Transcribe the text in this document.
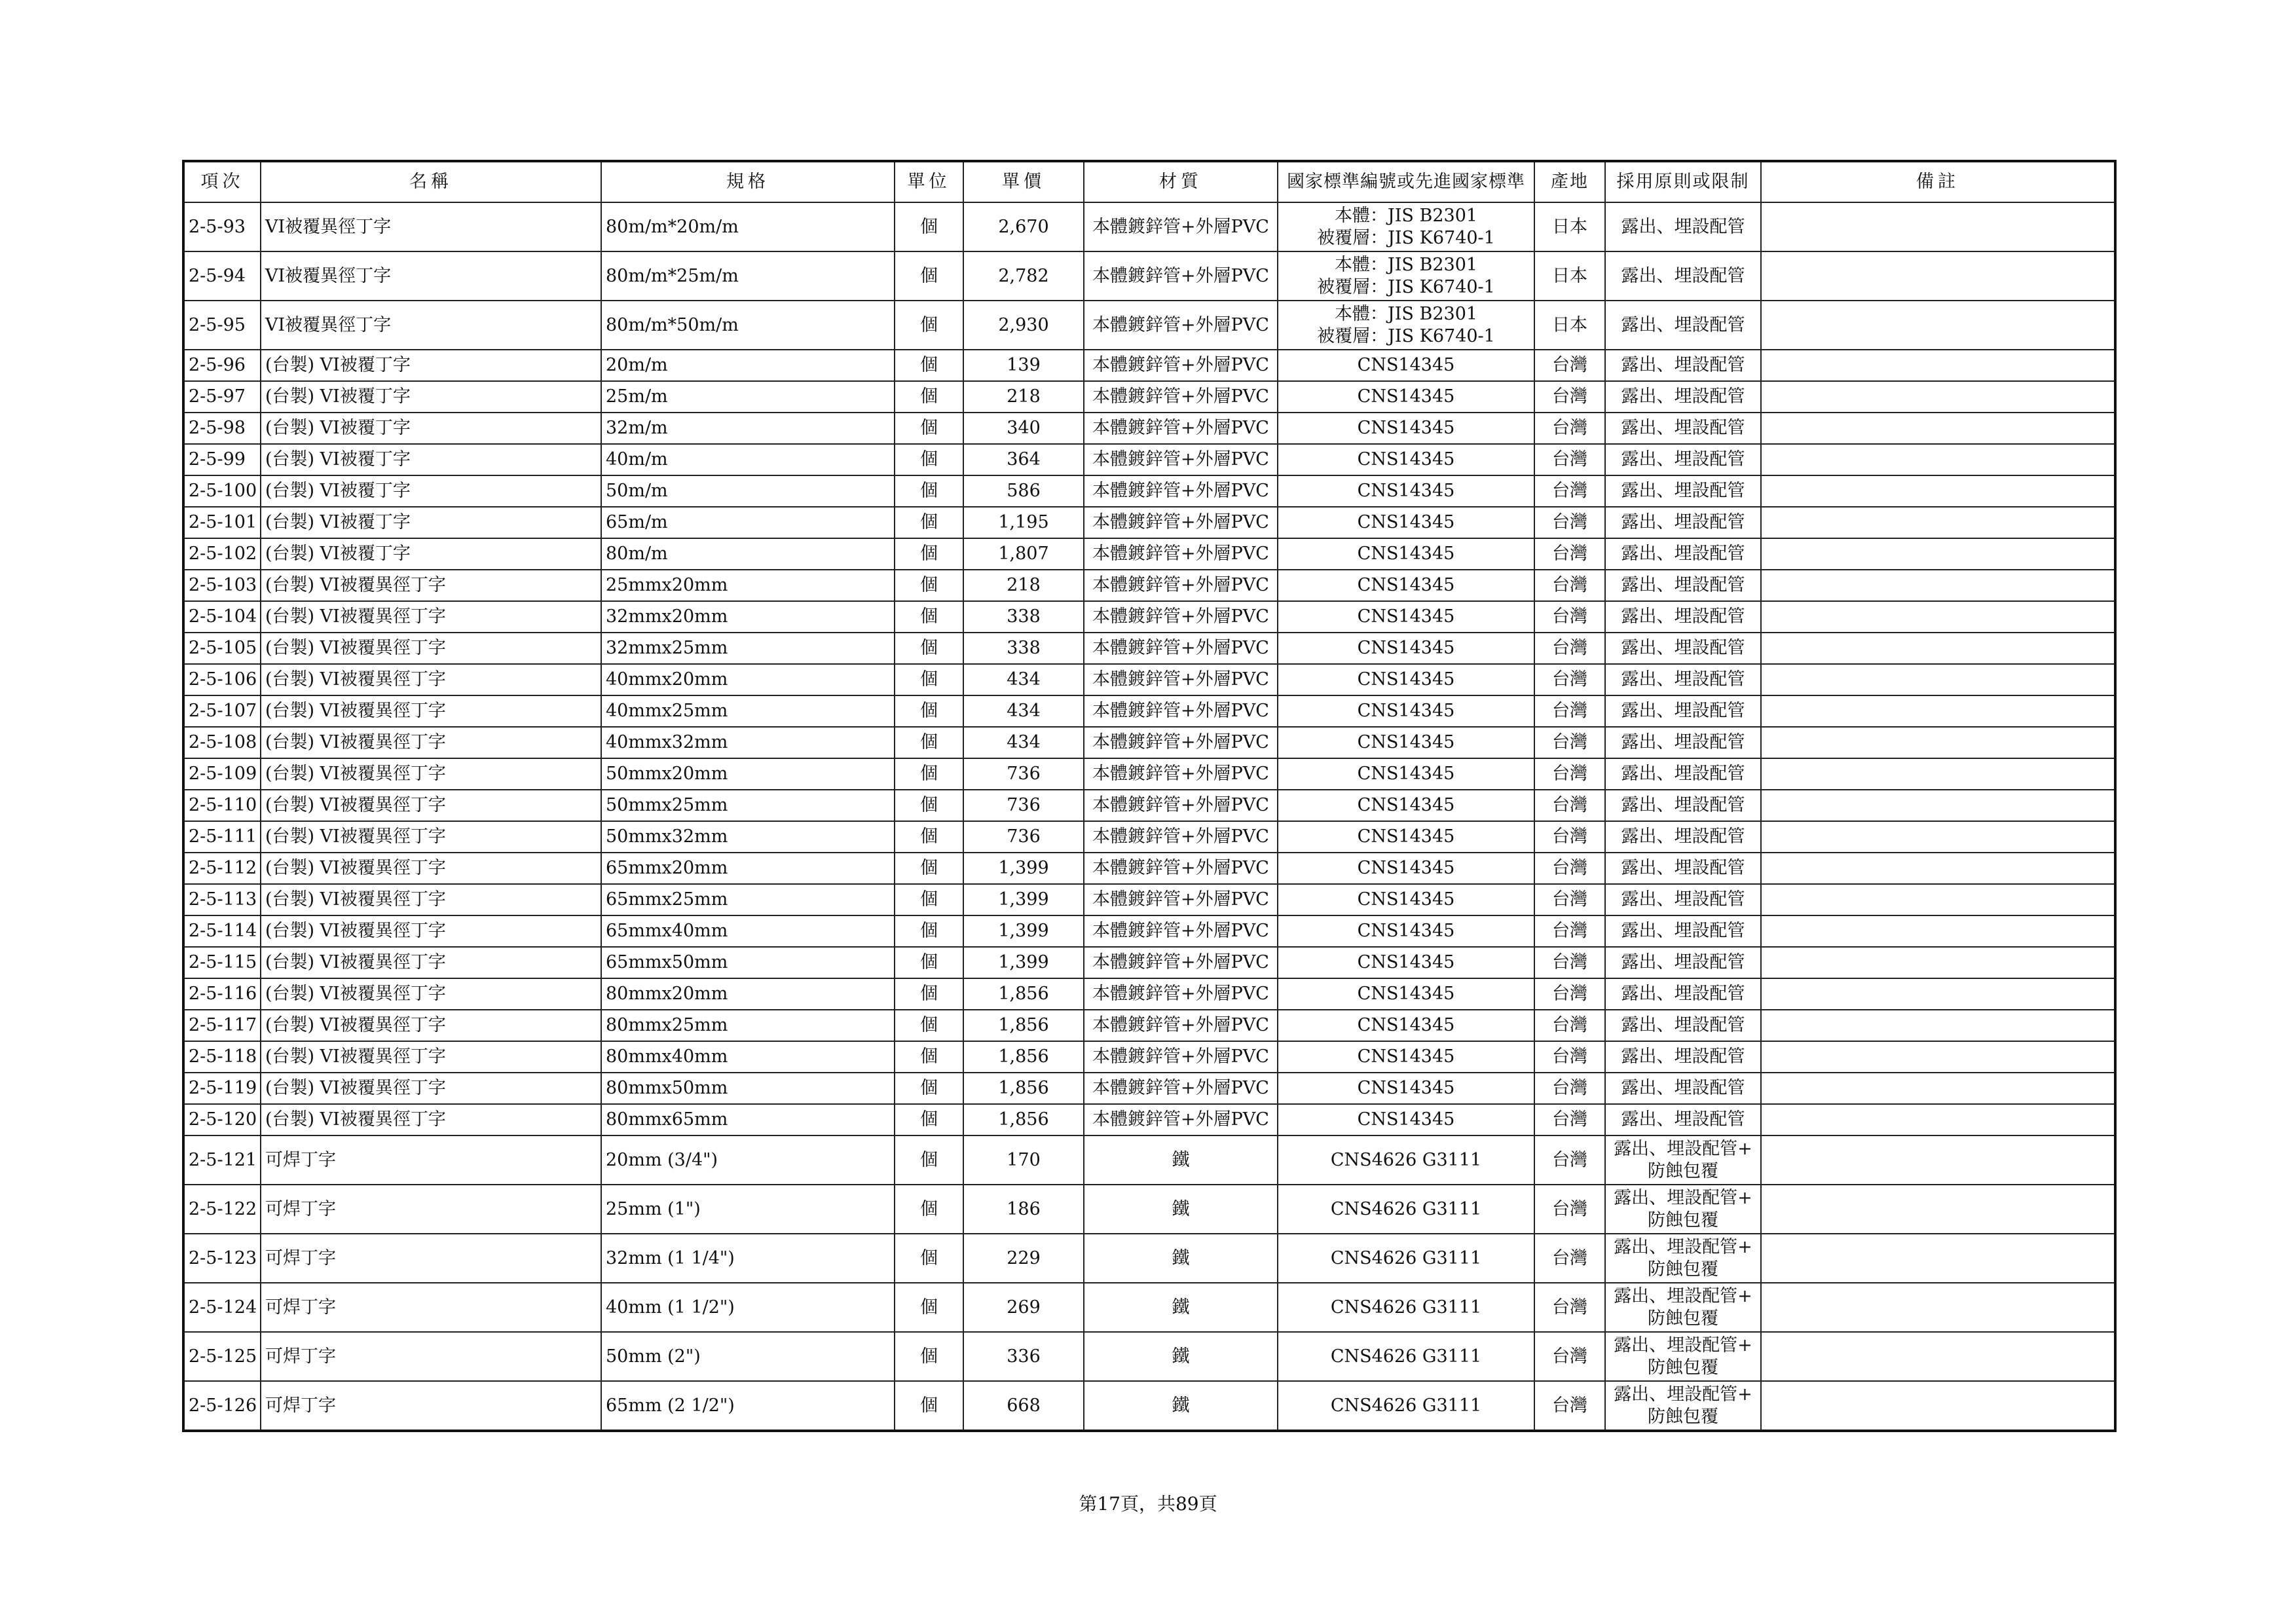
項次	名稱	規格	單位	單價	材質	國家標準編號或先進國家標準	產地	採用原則或限制	備註
2-5-93	VI被覆異徑丁字	80m/m*20m/m	個	2,670	本體鍍鋅管+外層PVC	本體：JIS B2301
被覆層：JIS K6740-1	日本	露出、埋設配管	

2-5-94	VI被覆異徑丁字	80m/m*25m/m	個	2,782	本體鍍鋅管+外層PVC	本體：JIS B2301
被覆層：JIS K6740-1	日本	露出、埋設配管	

2-5-95	VI被覆異徑丁字	80m/m*50m/m	個	2,930	本體鍍鋅管+外層PVC	本體：JIS B2301
被覆層：JIS K6740-1	日本	露出、埋設配管	

2-5-96	(台製) VI被覆丁字	20m/m	個	139	本體鍍鋅管+外層PVC	CNS14345	台灣	露出、埋設配管	

2-5-97	(台製) VI被覆丁字	25m/m	個	218	本體鍍鋅管+外層PVC	CNS14345	台灣	露出、埋設配管	

2-5-98	(台製) VI被覆丁字	32m/m	個	340	本體鍍鋅管+外層PVC	CNS14345	台灣	露出、埋設配管	

2-5-99	(台製) VI被覆丁字	40m/m	個	364	本體鍍鋅管+外層PVC	CNS14345	台灣	露出、埋設配管	

2-5-100	(台製) VI被覆丁字	50m/m	個	586	本體鍍鋅管+外層PVC	CNS14345	台灣	露出、埋設配管	

2-5-101	(台製) VI被覆丁字	65m/m	個	1,195	本體鍍鋅管+外層PVC	CNS14345	台灣	露出、埋設配管	

2-5-102	(台製) VI被覆丁字	80m/m	個	1,807	本體鍍鋅管+外層PVC	CNS14345	台灣	露出、埋設配管	

2-5-103	(台製) VI被覆異徑丁字	25mmx20mm	個	218	本體鍍鋅管+外層PVC	CNS14345	台灣	露出、埋設配管	

2-5-104	(台製) VI被覆異徑丁字	32mmx20mm	個	338	本體鍍鋅管+外層PVC	CNS14345	台灣	露出、埋設配管	

2-5-105	(台製) VI被覆異徑丁字	32mmx25mm	個	338	本體鍍鋅管+外層PVC	CNS14345	台灣	露出、埋設配管	

2-5-106	(台製) VI被覆異徑丁字	40mmx20mm	個	434	本體鍍鋅管+外層PVC	CNS14345	台灣	露出、埋設配管	

2-5-107	(台製) VI被覆異徑丁字	40mmx25mm	個	434	本體鍍鋅管+外層PVC	CNS14345	台灣	露出、埋設配管	

2-5-108	(台製) VI被覆異徑丁字	40mmx32mm	個	434	本體鍍鋅管+外層PVC	CNS14345	台灣	露出、埋設配管	

2-5-109	(台製) VI被覆異徑丁字	50mmx20mm	個	736	本體鍍鋅管+外層PVC	CNS14345	台灣	露出、埋設配管	

2-5-110	(台製) VI被覆異徑丁字	50mmx25mm	個	736	本體鍍鋅管+外層PVC	CNS14345	台灣	露出、埋設配管	

2-5-111	(台製) VI被覆異徑丁字	50mmx32mm	個	736	本體鍍鋅管+外層PVC	CNS14345	台灣	露出、埋設配管	

2-5-112	(台製) VI被覆異徑丁字	65mmx20mm	個	1,399	本體鍍鋅管+外層PVC	CNS14345	台灣	露出、埋設配管	

2-5-113	(台製) VI被覆異徑丁字	65mmx25mm	個	1,399	本體鍍鋅管+外層PVC	CNS14345	台灣	露出、埋設配管	

2-5-114	(台製) VI被覆異徑丁字	65mmx40mm	個	1,399	本體鍍鋅管+外層PVC	CNS14345	台灣	露出、埋設配管	

2-5-115	(台製) VI被覆異徑丁字	65mmx50mm	個	1,399	本體鍍鋅管+外層PVC	CNS14345	台灣	露出、埋設配管	

2-5-116	(台製) VI被覆異徑丁字	80mmx20mm	個	1,856	本體鍍鋅管+外層PVC	CNS14345	台灣	露出、埋設配管	

2-5-117	(台製) VI被覆異徑丁字	80mmx25mm	個	1,856	本體鍍鋅管+外層PVC	CNS14345	台灣	露出、埋設配管	

2-5-118	(台製) VI被覆異徑丁字	80mmx40mm	個	1,856	本體鍍鋅管+外層PVC	CNS14345	台灣	露出、埋設配管	

2-5-119	(台製) VI被覆異徑丁字	80mmx50mm	個	1,856	本體鍍鋅管+外層PVC	CNS14345	台灣	露出、埋設配管	

2-5-120	(台製) VI被覆異徑丁字	80mmx65mm	個	1,856	本體鍍鋅管+外層PVC	CNS14345	台灣	露出、埋設配管	

2-5-121	可焊丁字	20mm (3/4")	個	170	鐵	CNS4626 G3111	台灣	露出、埋設配管+
防蝕包覆	

2-5-122	可焊丁字	25mm (1")	個	186	鐵	CNS4626 G3111	台灣	露出、埋設配管+
防蝕包覆	

2-5-123	可焊丁字	32mm (1 1/4")	個	229	鐵	CNS4626 G3111	台灣	露出、埋設配管+
防蝕包覆	

2-5-124	可焊丁字	40mm (1 1/2")	個	269	鐵	CNS4626 G3111	台灣	露出、埋設配管+
防蝕包覆	

2-5-125	可焊丁字	50mm (2")	個	336	鐵	CNS4626 G3111	台灣	露出、埋設配管+
防蝕包覆	

2-5-126	可焊丁字	65mm (2 1/2")	個	668	鐵	CNS4626 G3111	台灣	露出、埋設配管+
防蝕包覆	

第17頁，共89頁
